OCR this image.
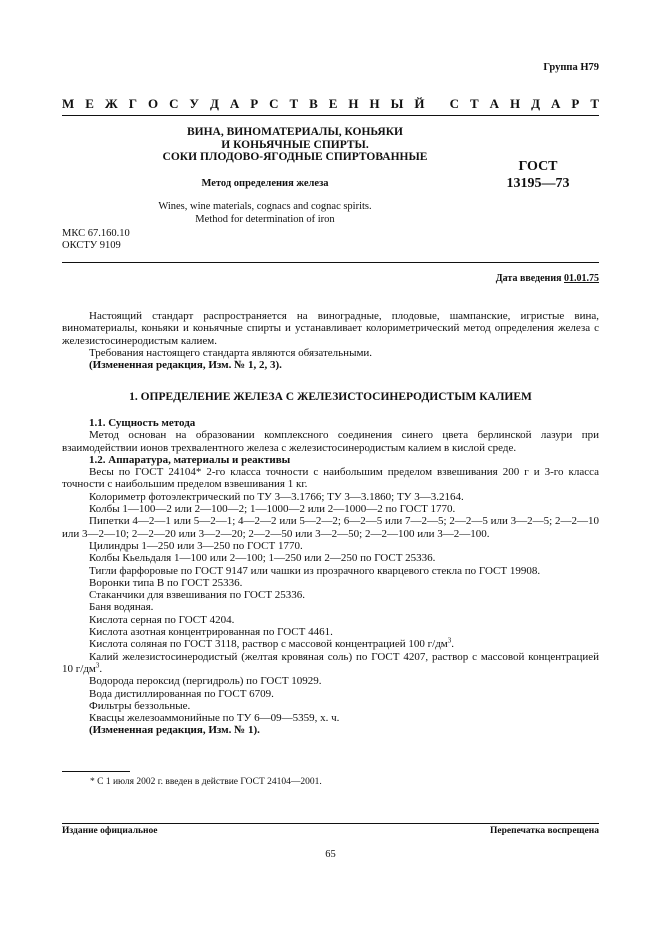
Группа Н79
М Е Ж Г О С У Д А Р С Т В Е Н Н Ы Й
С Т А Н Д А Р Т
ВИНА, ВИНОМАТЕРИАЛЫ, КОНЬЯКИ
И КОНЬЯЧНЫЕ СПИРТЫ.
СОКИ ПЛОДОВО-ЯГОДНЫЕ СПИРТОВАННЫЕ
ГОСТ
13195—73
Метод определения железа
Wines, wine materials, cognacs and cognac spirits.
Method for determination of iron
МКС 67.160.10
ОКСТУ 9109
Дата введения 01.01.75

Настоящий стандарт распространяется на виноградные, плодовые, шампанские, игристые вина, виноматериалы, коньяки и коньячные спирты и устанавливает колориметрический метод определения железа с железистосинеродистым калием.

Требования настоящего стандарта являются обязательными.

(Измененная редакция, Изм. № 1, 2, 3).

1. ОПРЕДЕЛЕНИЕ ЖЕЛЕЗА С ЖЕЛЕЗИСТОСИНЕРОДИСТЫМ КАЛИЕМ

1.1. Сущность метода

Метод основан на образовании комплексного соединения синего цвета берлинской лазури при взаимодействии ионов трехвалентного железа с железистосинеродистым калием в кислой среде.

1.2. Аппаратура, материалы и реактивы

Весы по ГОСТ 24104* 2-го класса точности с наибольшим пределом взвешивания 200 г и 3-го класса точности с наибольшим пределом взвешивания 1 кг.

Колориметр фотоэлектрический по ТУ 3—3.1766; ТУ 3—3.1860; ТУ 3—3.2164.

Колбы 1—100—2 или 2—100—2; 1—1000—2 или 2—1000—2 по ГОСТ 1770.

Пипетки 4—2—1 или 5—2—1; 4—2—2 или 5—2—2; 6—2—5 или 7—2—5; 2—2—5 или 3—2—5; 2—2—10 или 3—2—10; 2—2—20 или 3—2—20; 2—2—50 или 3—2—50; 2—2—100 или 3—2—100.

Цилиндры 1—250 или 3—250 по ГОСТ 1770.

Колбы Кьельдаля 1—100 или 2—100; 1—250 или 2—250 по ГОСТ 25336.

Тигли фарфоровые по ГОСТ 9147 или чашки из прозрачного кварцевого стекла по ГОСТ 19908.

Воронки типа В по ГОСТ 25336.

Стаканчики для взвешивания по ГОСТ 25336.

Баня водяная.

Кислота серная по ГОСТ 4204.

Кислота азотная концентрированная по ГОСТ 4461.

Кислота соляная по ГОСТ 3118, раствор с массовой концентрацией 100 $г/дм^3$.

Калий железистосинеродистый (желтая кровяная соль) по ГОСТ 4207, раствор с массовой концентрацией 10 $г/дм^3$.

Водорода пероксид (пергидроль) по ГОСТ 10929.

Вода дистиллированная по ГОСТ 6709.

Фильтры беззольные.

Квасцы железоаммонийные по ТУ 6—09—5359, х. ч.

(Измененная редакция, Изм. № 1).

* С 1 июля 2002 г. введен в действие ГОСТ 24104—2001.
Издание официальное	Перепечатка воспрещена
65
